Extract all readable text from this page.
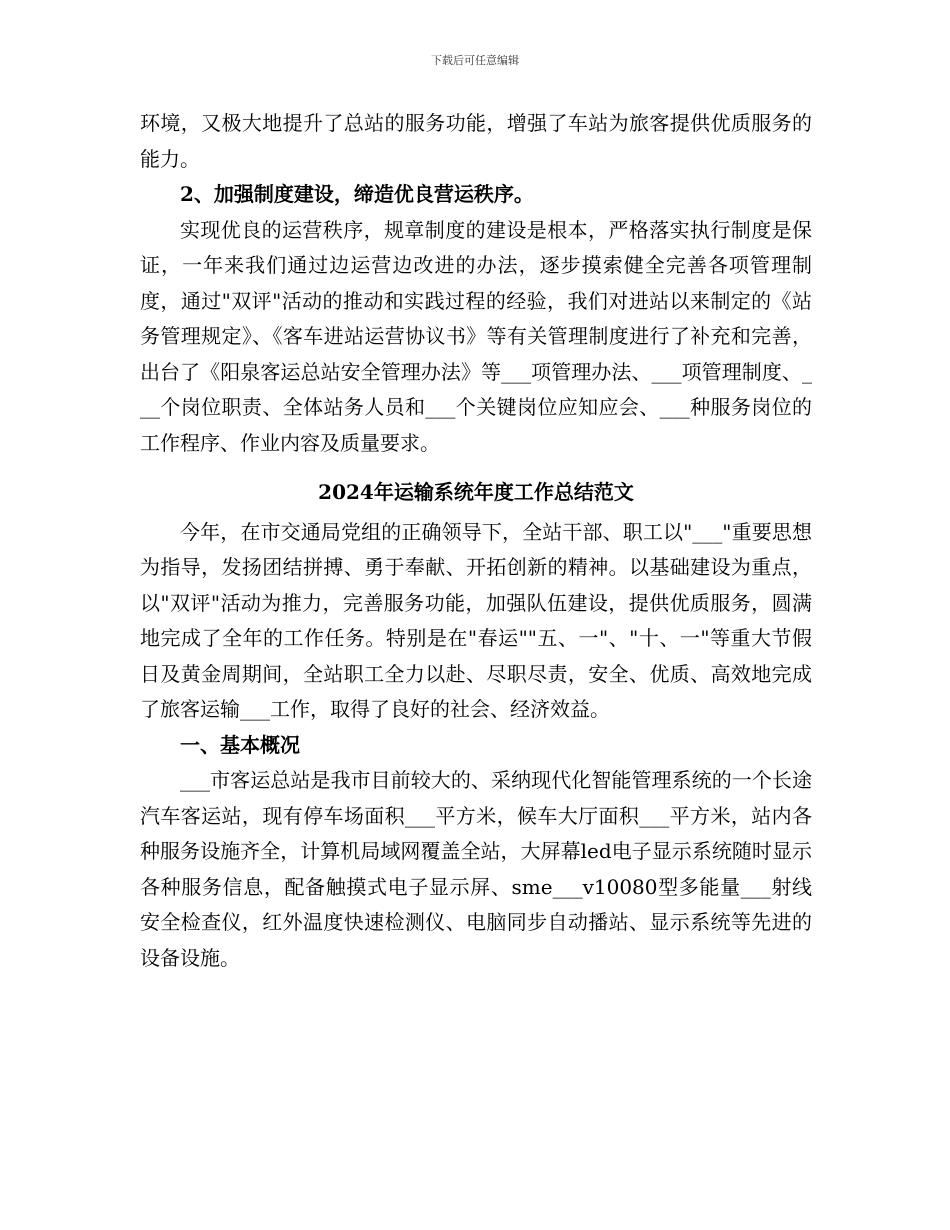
下载后可任意编辑

环境，又极大地提升了总站的服务功能，增强了车站为旅客提供优质服务的能力。

2、加强制度建设，缔造优良营运秩序。

实现优良的运营秩序，规章制度的建设是根本，严格落实执行制度是保证，一年来我们通过边运营边改进的办法，逐步摸索健全完善各项管理制度，通过"双评"活动的推动和实践过程的经验，我们对进站以来制定的《站务管理规定》、《客车进站运营协议书》等有关管理制度进行了补充和完善，出台了《阳泉客运总站安全管理办法》等___项管理办法、___项管理制度、___个岗位职责、全体站务人员和___个关键岗位应知应会、___种服务岗位的工作程序、作业内容及质量要求。

2024年运输系统年度工作总结范文

今年，在市交通局党组的正确领导下，全站干部、职工以"___"重要思想为指导，发扬团结拼搏、勇于奉献、开拓创新的精神。以基础建设为重点，以"双评"活动为推力，完善服务功能，加强队伍建设，提供优质服务，圆满地完成了全年的工作任务。特别是在"春运""五、一"、"十、一"等重大节假日及黄金周期间，全站职工全力以赴、尽职尽责，安全、优质、高效地完成了旅客运输___工作，取得了良好的社会、经济效益。

一、基本概况

___市客运总站是我市目前较大的、采纳现代化智能管理系统的一个长途汽车客运站，现有停车场面积___平方米，候车大厅面积___平方米，站内各种服务设施齐全，计算机局域网覆盖全站，大屏幕led电子显示系统随时显示各种服务信息，配备触摸式电子显示屏、sme___v10080型多能量___射线安全检查仪，红外温度快速检测仪、电脑同步自动播站、显示系统等先进的设备设施。
